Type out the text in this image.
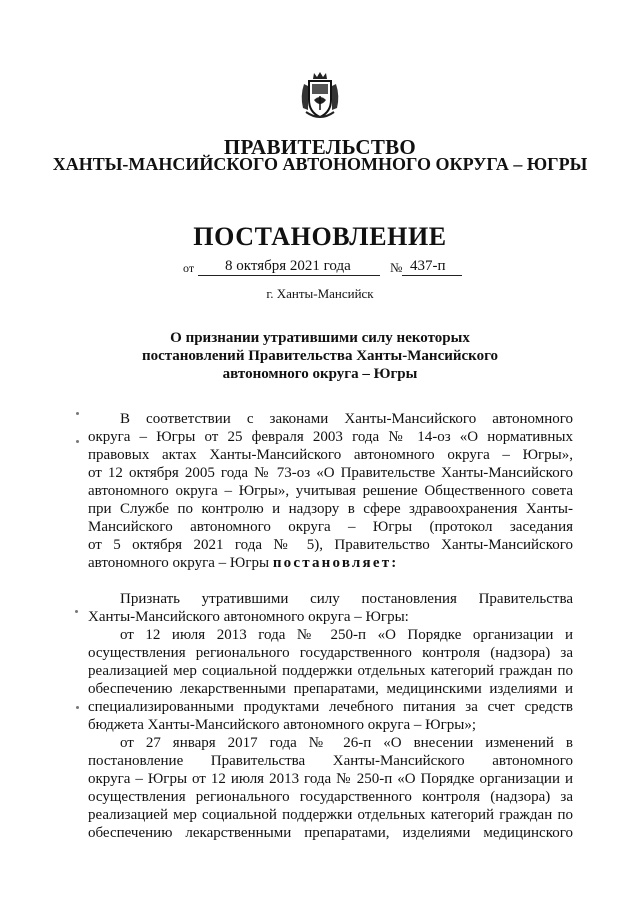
ПРАВИТЕЛЬСТВО
ХАНТЫ-МАНСИЙСКОГО АВТОНОМНОГО ОКРУГА – ЮГРЫ
ПОСТАНОВЛЕНИЕ
от 8 октября 2021 года	№ 437-п
г. Ханты-Мансийск
О признании утратившими силу некоторых
постановлений Правительства Ханты-Мансийского
автономного округа – Югры
В соответствии с законами Ханты-Мансийского автономного
округа – Югры от 25 февраля 2003 года № 14-оз «О нормативных
правовых актах Ханты-Мансийского автономного округа – Югры»,
от 12 октября 2005 года № 73-оз «О Правительстве Ханты-Мансийского
автономного округа – Югры», учитывая решение Общественного совета
при Службе по контролю и надзору в сфере здравоохранения Ханты-
Мансийского автономного округа – Югры (протокол заседания
от 5 октября 2021 года № 5), Правительство Ханты-Мансийского
автономного округа – Югры постановляет:
Признать утратившими силу постановления Правительства
Ханты-Мансийского автономного округа – Югры:
от 12 июля 2013 года № 250-п «О Порядке организации и
осуществления регионального государственного контроля (надзора) за
реализацией мер социальной поддержки отдельных категорий граждан по
обеспечению лекарственными препаратами, медицинскими изделиями и
специализированными продуктами лечебного питания за счет средств
бюджета Ханты-Мансийского автономного округа – Югры»;
от 27 января 2017 года № 26-п «О внесении изменений в
постановление Правительства Ханты-Мансийского автономного
округа – Югры от 12 июля 2013 года № 250-п «О Порядке организации и
осуществления регионального государственного контроля (надзора) за
реализацией мер социальной поддержки отдельных категорий граждан по
обеспечению лекарственными препаратами, изделиями медицинского
